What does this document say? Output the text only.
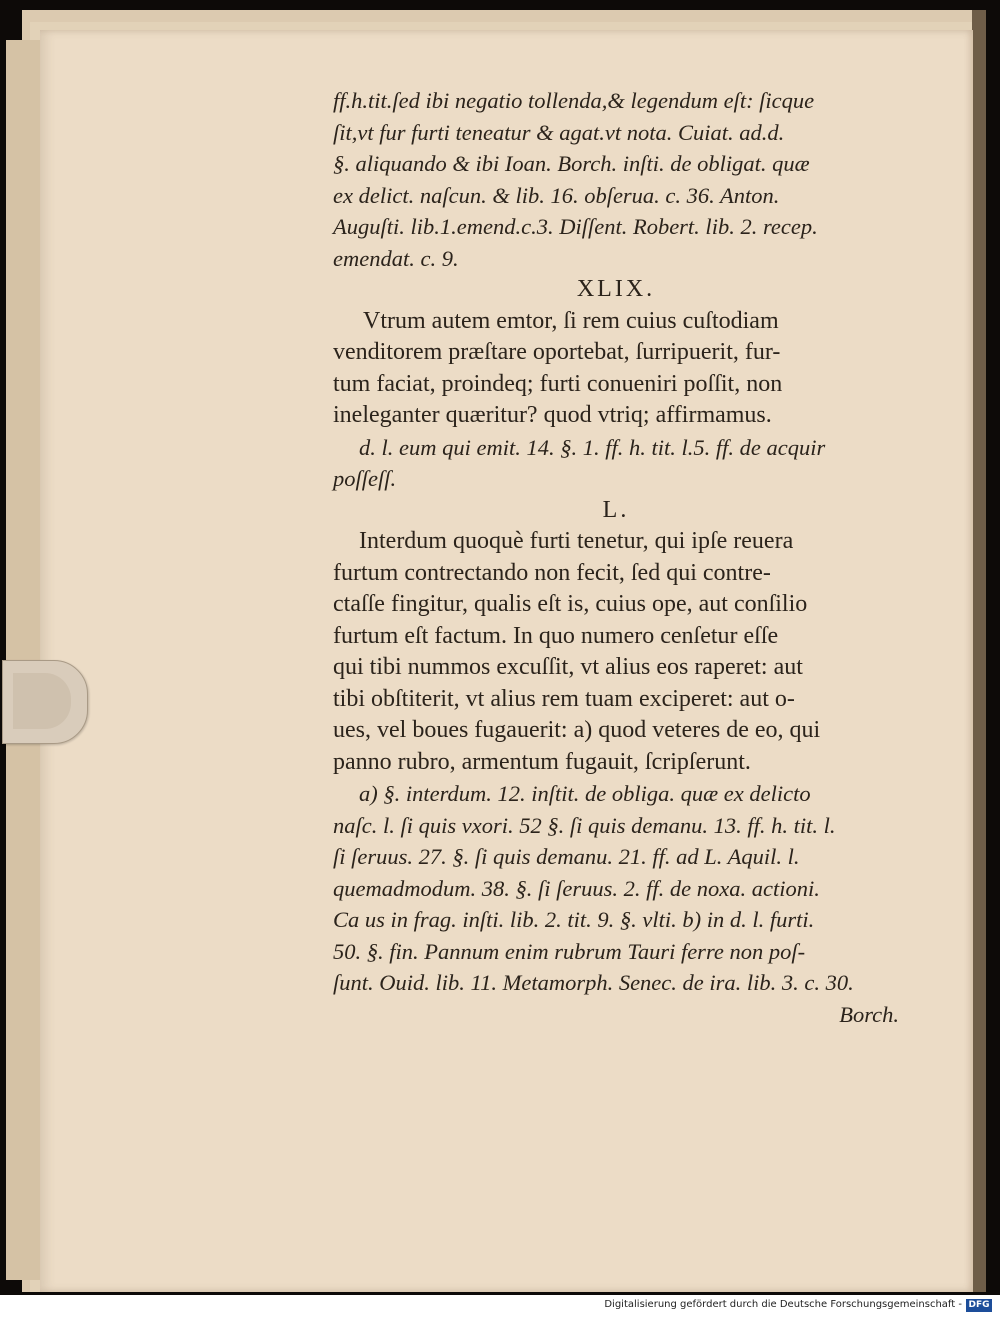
ff.h.tit.ſed ibi negatio tollenda,& legendum eſt: ſicque
ſit,vt fur furti teneatur & agat.vt nota. Cuiat. ad.d.
§. aliquando & ibi Ioan. Borch. inſti. de obligat. quæ
ex delict. naſcun. & lib. 16. obſerua. c. 36. Anton.
Auguſti. lib.1.emend.c.3. Diſſent. Robert. lib. 2. recep.
emendat. c. 9.
XLIX.
Vtrum autem emtor, ſi rem cuius cuſtodiam
venditorem præſtare oportebat, ſurripuerit, fur-
tum faciat, proindeq; furti conueniri poſſit, non
ineleganter quæritur? quod vtriq; affirmamus.
d. l. eum qui emit. 14. §. 1. ff. h. tit. l.5. ff. de acquir
poſſeſſ.
L.
Interdum quoquè furti tenetur, qui ipſe reuera
furtum contrectando non fecit, ſed qui contre-
ctaſſe fingitur, qualis eſt is, cuius ope, aut conſilio
furtum eſt factum. In quo numero cenſetur eſſe
qui tibi nummos excuſſit, vt alius eos raperet: aut
tibi obſtiterit, vt alius rem tuam exciperet: aut o-
ues, vel boues fugauerit: a) quod veteres de eo, qui
panno rubro, armentum fugauit, ſcripſerunt.
a) §. interdum. 12. inſtit. de obliga. quæ ex delicto
naſc. l. ſi quis vxori. 52 §. ſi quis demanu. 13. ff. h. tit. l.
ſi ſeruus. 27. §. ſi quis demanu. 21. ff. ad L. Aquil. l.
quemadmodum. 38. §. ſi ſeruus. 2. ff. de noxa. actioni.
Ca us in frag. inſti. lib. 2. tit. 9. §. vlti. b) in d. l. furti.
50. §. fin. Pannum enim rubrum Tauri ferre non poſ-
ſunt. Ouid. lib. 11. Metamorph. Senec. de ira. lib. 3. c. 30.
Borch.
Digitalisierung gefördert durch die Deutsche Forschungsgemeinschaft - DFG
